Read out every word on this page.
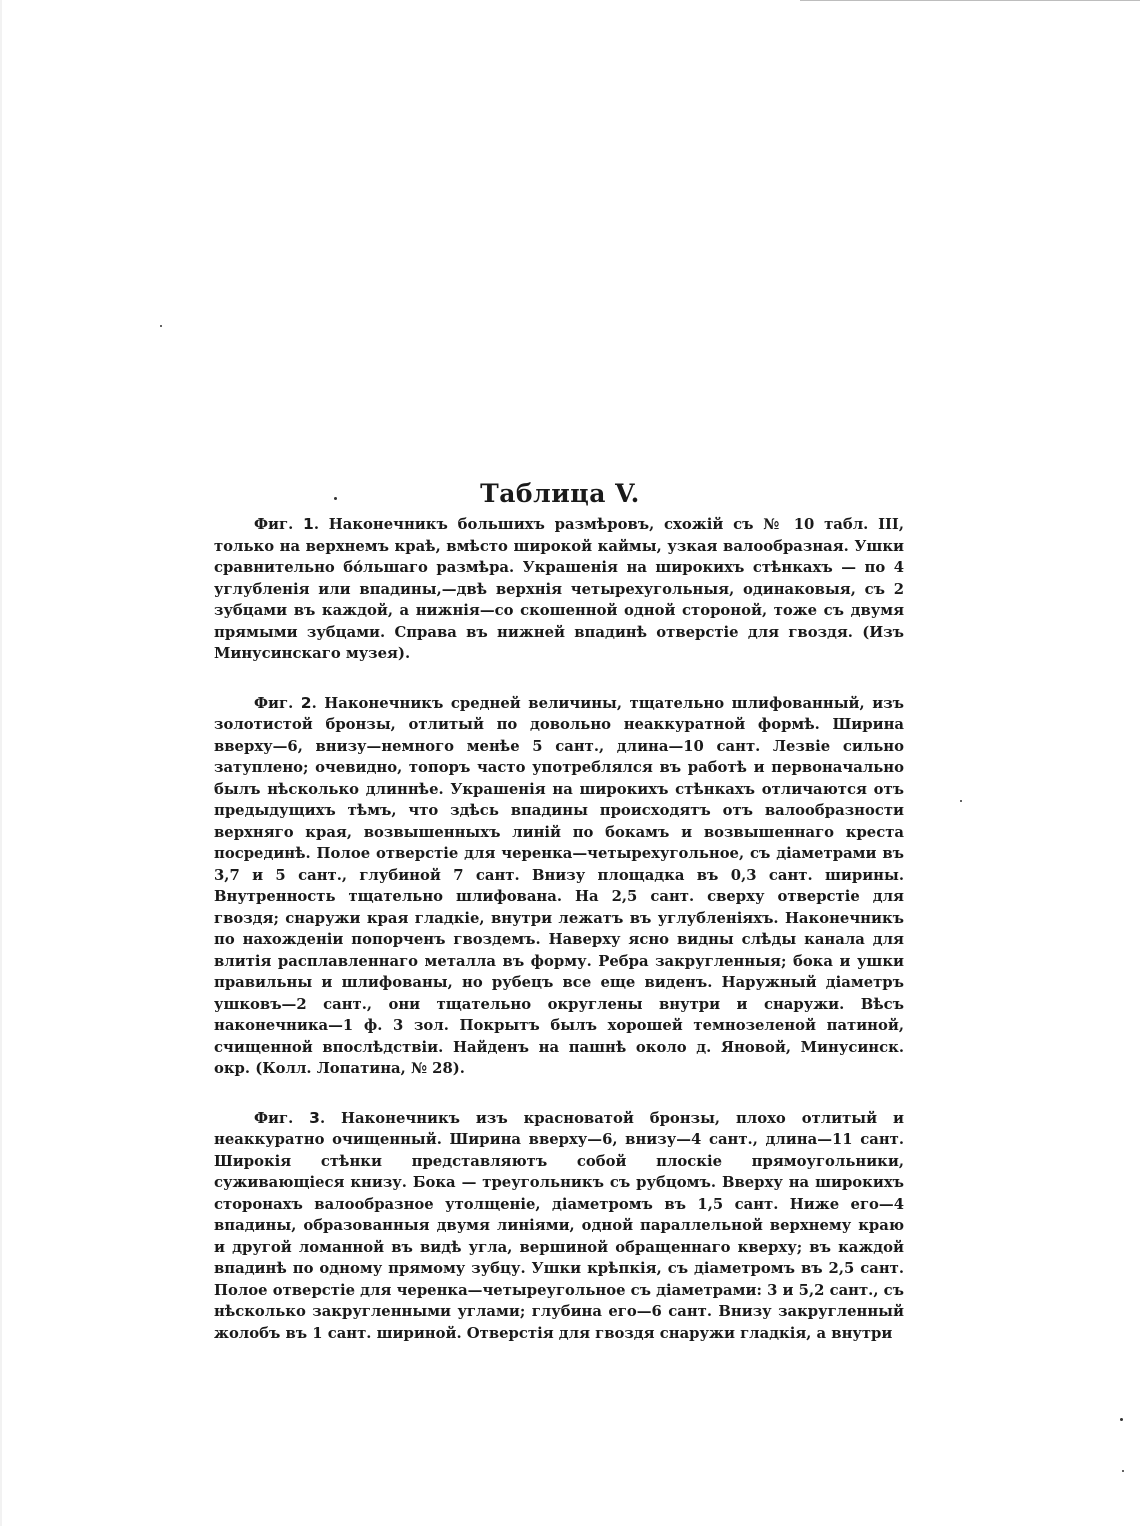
Таблица V.

Фиг. 1. Наконечникъ большихъ размѣровъ, схожій съ № 10 табл. III, только на верхнемъ краѣ, вмѣсто широкой каймы, узкая валообразная. Ушки сравнительно бо́льшаго размѣра. Украшенія на широкихъ стѣнкахъ — по 4 углубленія или впадины,—двѣ верхнія четырехугольныя, одинаковыя, съ 2 зубцами въ каждой, а нижнія—со скошенной одной стороной, тоже съ двумя прямыми зубцами. Справа въ нижней впадинѣ отверстіе для гвоздя. (Изъ Минусинскаго музея).

Фиг. 2. Наконечникъ средней величины, тщательно шлифованный, изъ золотистой бронзы, отлитый по довольно неаккуратной формѣ. Ширина вверху—6, внизу—немного менѣе 5 сант., длина—10 сант. Лезвіе сильно затуплено; очевидно, топоръ часто употреблялся въ работѣ и первоначально былъ нѣсколько длиннѣе. Украшенія на широкихъ стѣнкахъ отличаются отъ предыдущихъ тѣмъ, что здѣсь впадины происходятъ отъ валообразности верхняго края, возвышенныхъ линій по бокамъ и возвышеннаго креста посрединѣ. Полое отверстіе для черенка—четырехугольное, съ діаметрами въ 3,7 и 5 сант., глубиной 7 сант. Внизу площадка въ 0,3 сант. ширины. Внутренность тщательно шлифована. На 2,5 сант. сверху отверстіе для гвоздя; снаружи края гладкіе, внутри лежатъ въ углубленіяхъ. Наконечникъ по нахожденіи попорченъ гвоздемъ. Наверху ясно видны слѣды канала для влитія расплавленнаго металла въ форму. Ребра закругленныя; бока и ушки правильны и шлифованы, но рубецъ все еще виденъ. Наружный діаметръ ушковъ—2 сант., они тщательно округлены внутри и снаружи. Вѣсъ наконечника—1 ф. 3 зол. Покрытъ былъ хорошей темнозеленой патиной, счищенной впослѣдствіи. Найденъ на пашнѣ около д. Яновой, Минусинск. окр. (Колл. Лопатина, № 28).

Фиг. 3. Наконечникъ изъ красноватой бронзы, плохо отлитый и неаккуратно очищенный. Ширина вверху—6, внизу—4 сант., длина—11 сант. Широкія стѣнки представляютъ собой плоскіе прямоугольники, суживающіеся книзу. Бока — треугольникъ съ рубцомъ. Вверху на широкихъ сторонахъ валообразное утолщеніе, діаметромъ въ 1,5 сант. Ниже его—4 впадины, образованныя двумя линіями, одной параллельной верхнему краю и другой ломанной въ видѣ угла, вершиной обращеннаго кверху; въ каждой впадинѣ по одному прямому зубцу. Ушки крѣпкія, съ діаметромъ въ 2,5 сант. Полое отверстіе для черенка—четыреугольное съ діаметрами: 3 и 5,2 сант., съ нѣсколько закругленными углами; глубина его—6 сант. Внизу закругленный жолобъ въ 1 сант. шириной. Отверстія для гвоздя снаружи гладкія, а внутри
